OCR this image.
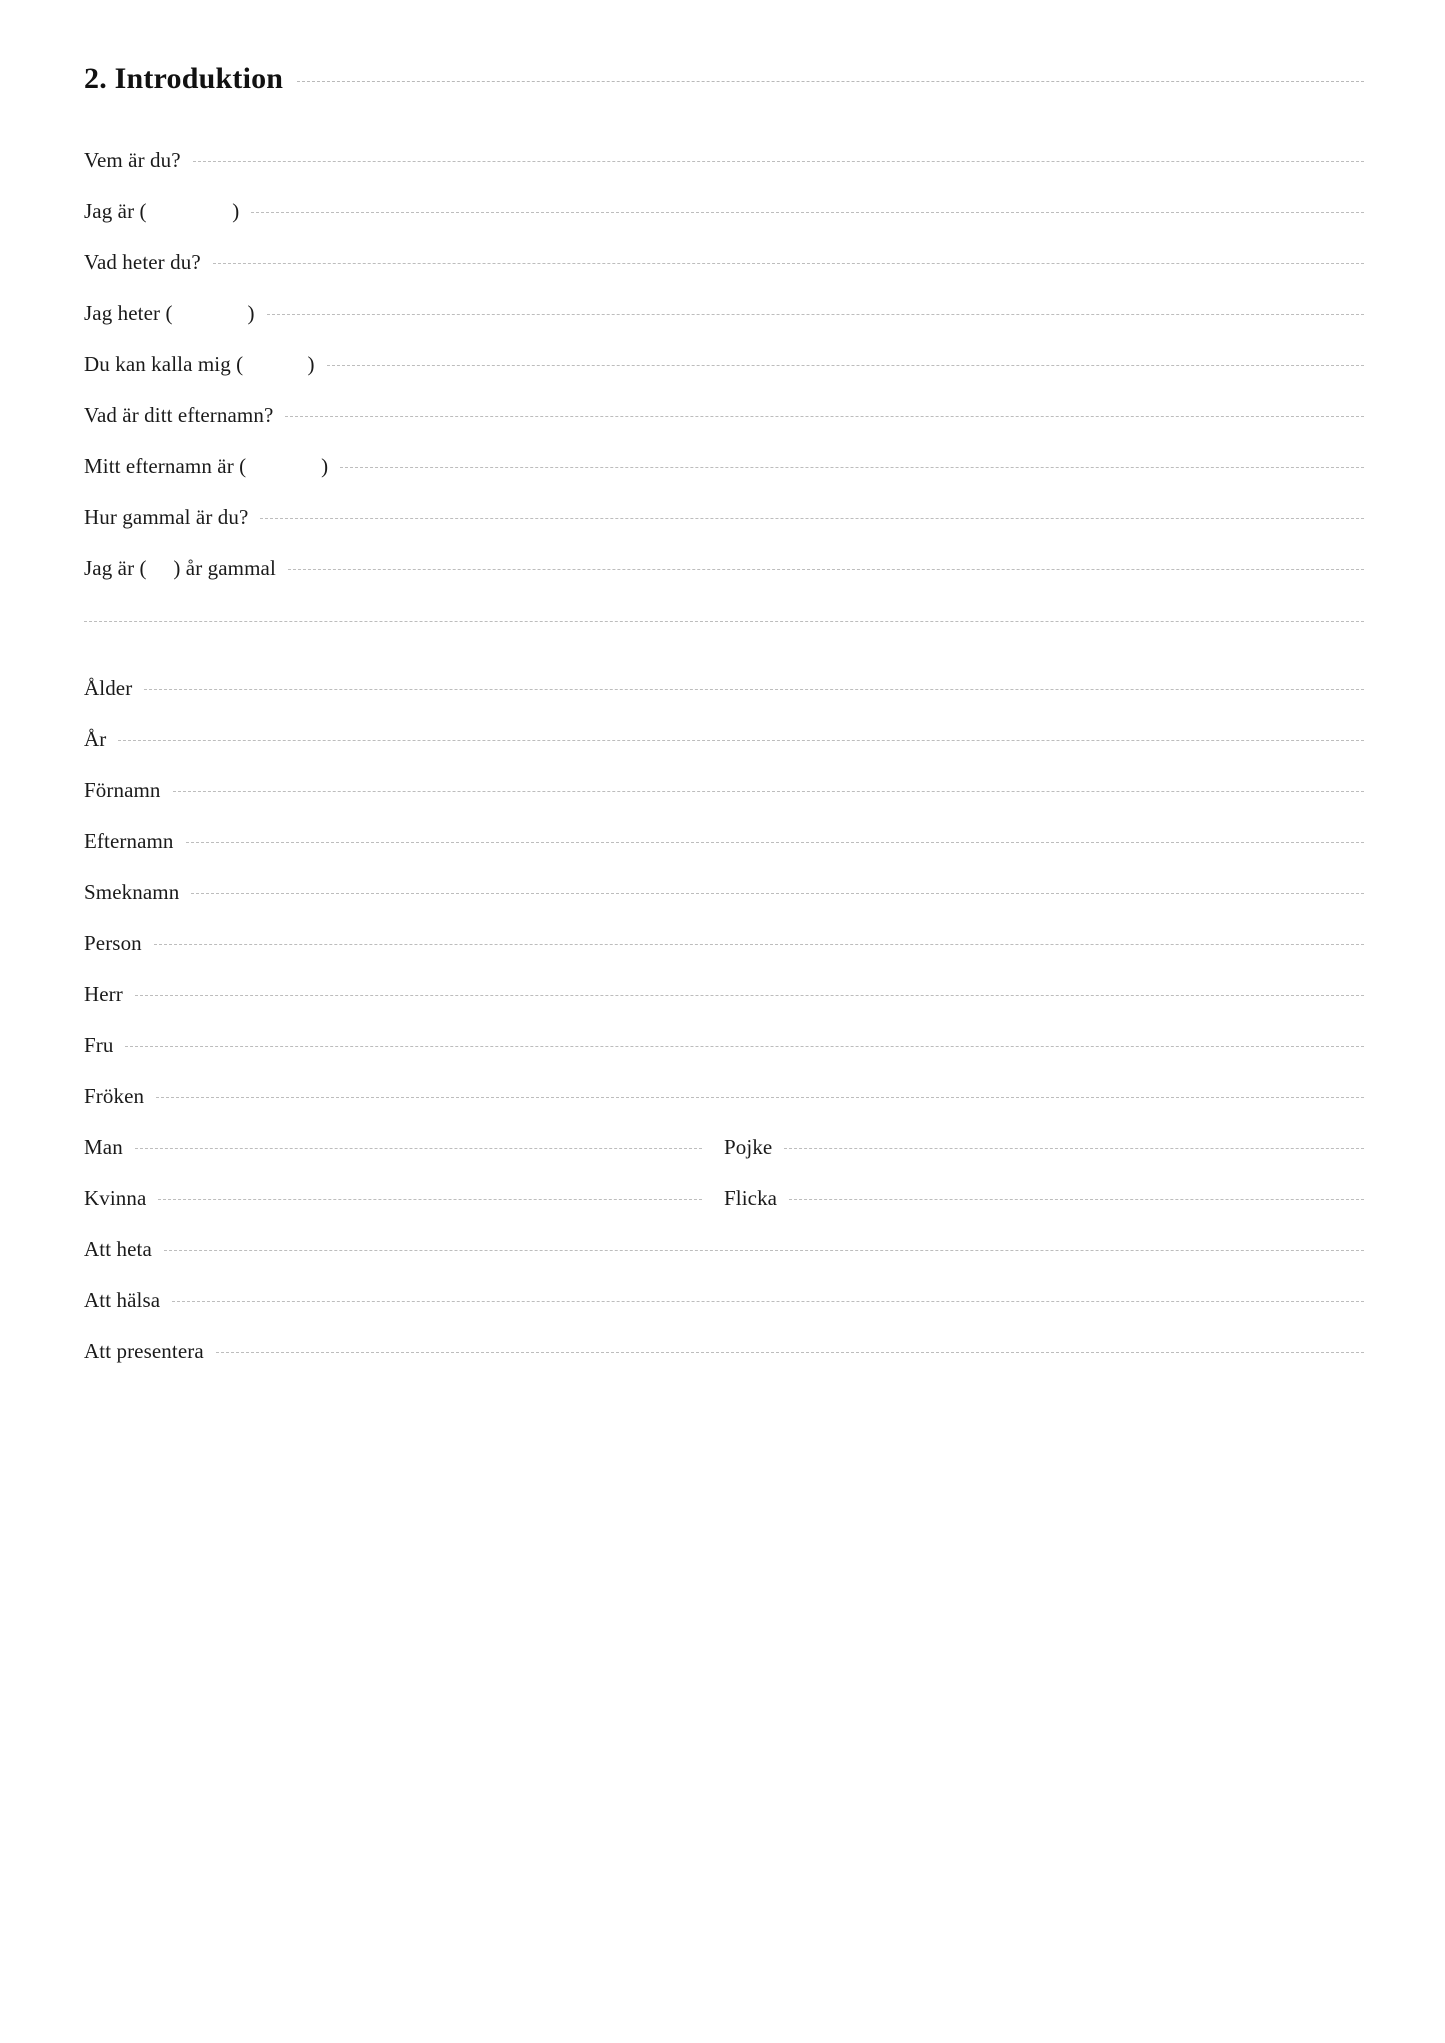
2. Introduktion
Vem är du?
Jag är (                )
Vad heter du?
Jag heter (              )
Du kan kalla mig (            )
Vad är ditt efternamn?
Mitt efternamn är (              )
Hur gammal är du?
Jag är (     ) år gammal
Ålder
År
Förnamn
Efternamn
Smeknamn
Person
Herr
Fru
Fröken
Man	Pojke
Kvinna	Flicka
Att heta
Att hälsa
Att presentera
